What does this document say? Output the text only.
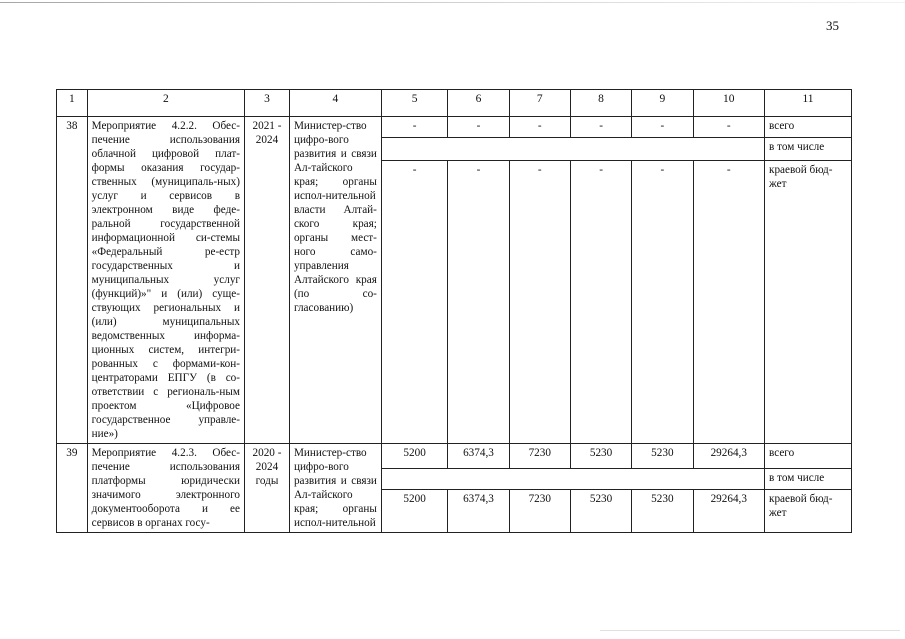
35
1	2	3	4	5	6	7	8	9	10	11
38	Мероприятие 4.2.2. Обес-печение использования облачной цифровой плат-формы оказания государ-ственных (муниципаль-ных) услуг и сервисов в электронном виде феде-ральной государственной информационной си-стемы «Федеральный ре-естр государственных и муниципальных услуг (функций)»" и (или) суще-ствующих региональных и (или) муниципальных ведомственных информа-ционных систем, интегри-рованных с формами-кон-центраторами ЕПГУ (в со-ответствии с региональ-ным проектом «Цифровое государственное управле-ние»)	2021 - 2024	Министер-ство цифро-вого развития и связи Ал-тайского края; органы испол-нительной власти Алтай-ского края; органы мест-ного само-управления Алтайского края (по со-гласованию)	-	-	-	-	-	-	всего
										в том числе
				-	-	-	-	-	-	краевой бюд-жет
39	Мероприятие 4.2.3. Обес-печение использования платформы юридически значимого электронного документооборота и ее сервисов в органах госу-	2020 - 2024 годы	Министер-ство цифро-вого развития и связи Ал-тайского края; органы испол-нительной	5200	6374,3	7230	5230	5230	29264,3	всего
										в том числе
				5200	6374,3	7230	5230	5230	29264,3	краевой бюд-жет
